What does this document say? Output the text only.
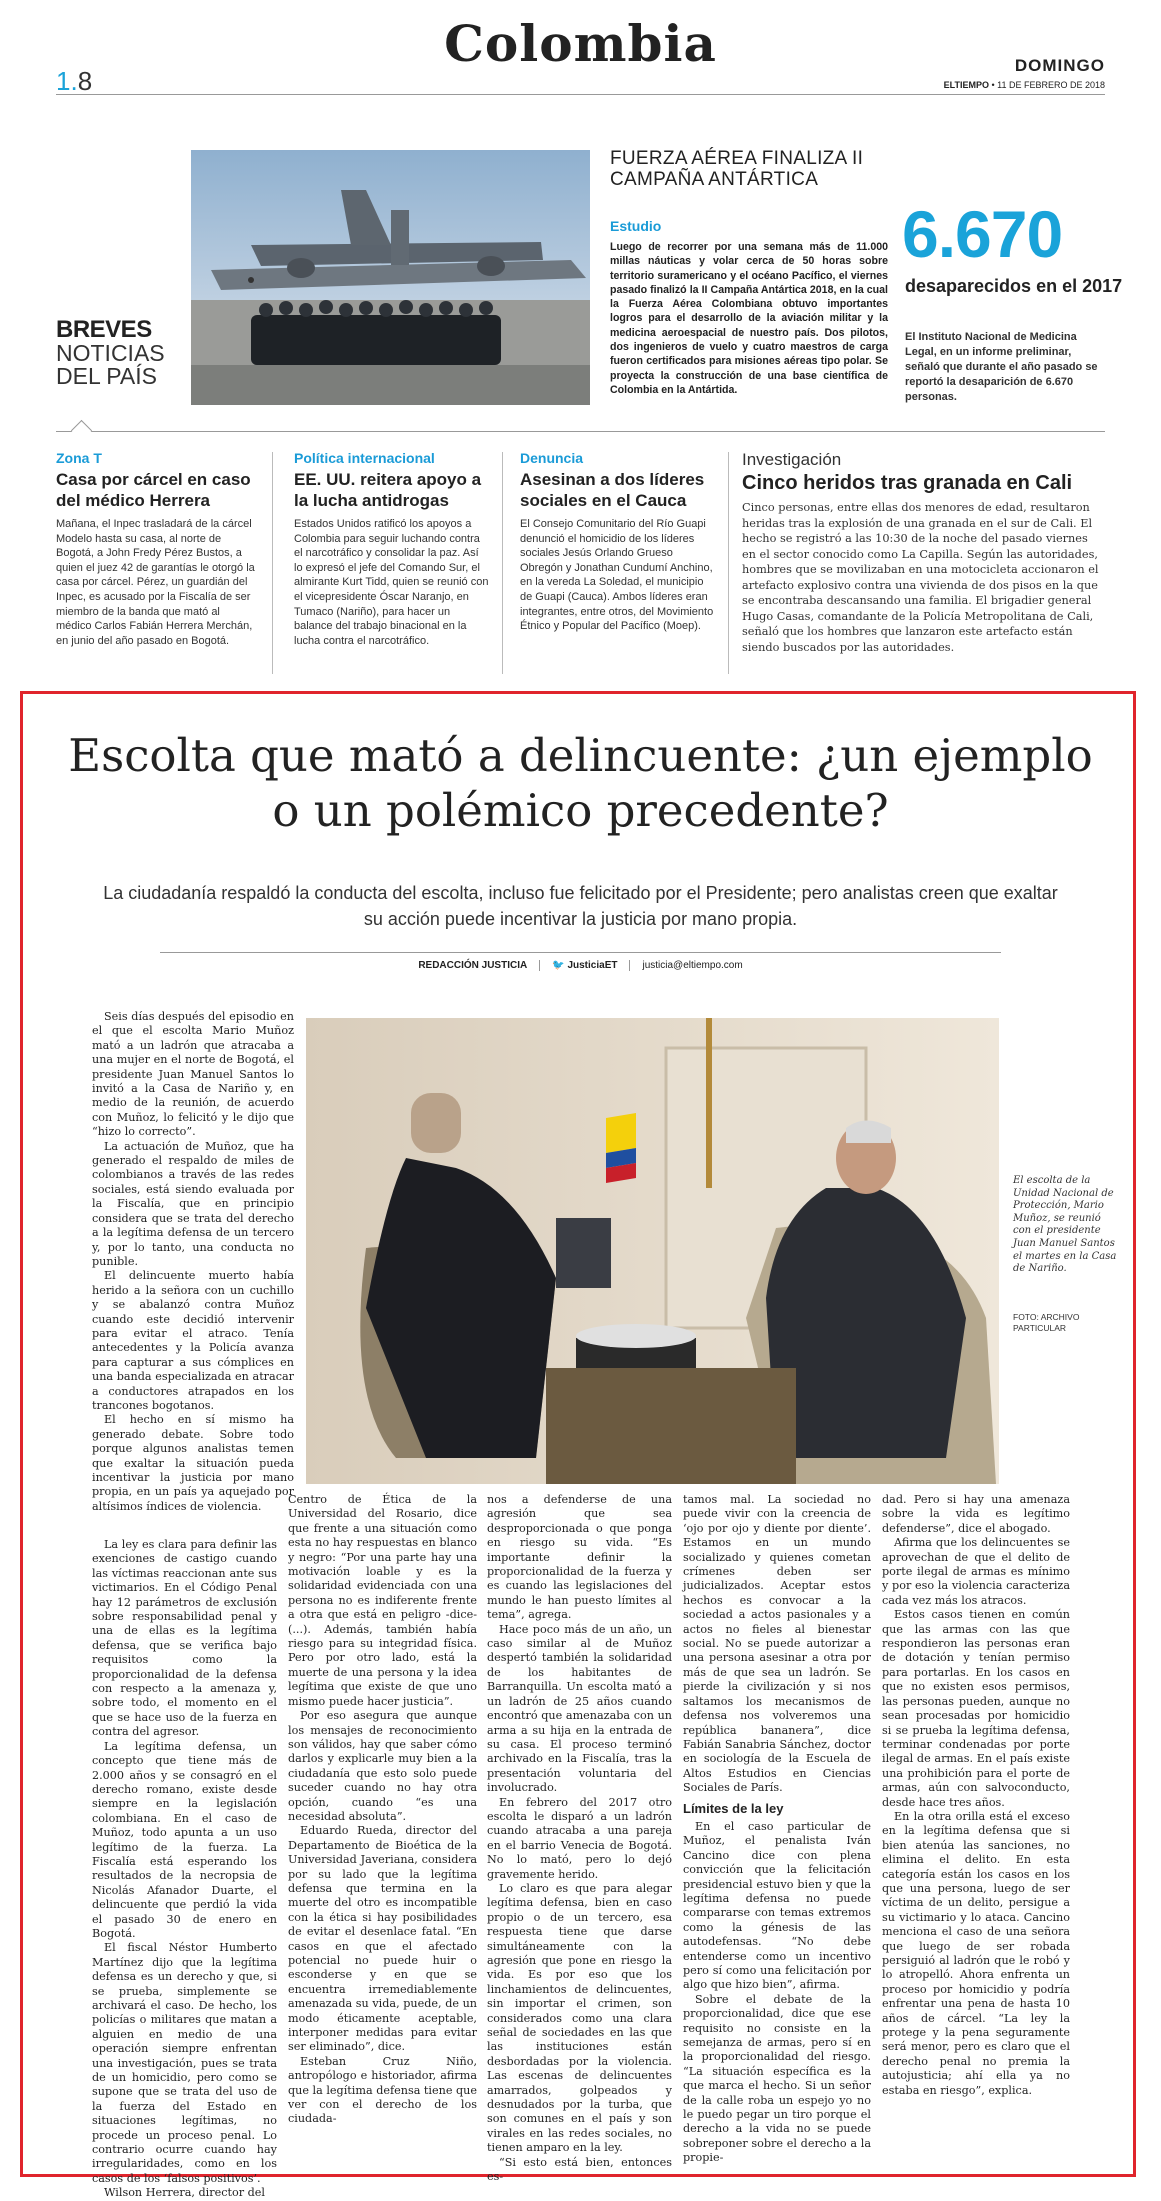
1.8
Colombia	DOMINGO
ELTIEMPO • 11 DE FEBRERO DE 2018
BREVES
NOTICIAS
DEL PAÍS
FUERZA AÉREA FINALIZA II CAMPAÑA ANTÁRTICA
Estudio
Luego de recorrer por una semana más de 11.000 millas náuticas y volar cerca de 50 horas sobre territorio suramericano y el océano Pacífico, el viernes pasado finalizó la II Campaña Antártica 2018, en la cual la Fuerza Aérea Colombiana obtuvo importantes logros para el desarrollo de la aviación militar y la medicina aeroespacial de nuestro país. Dos pilotos, dos ingenieros de vuelo y cuatro maestros de carga fueron certificados para misiones aéreas tipo polar. Se proyecta la construcción de una base científica de Colombia en la Antártida.
6.670
desaparecidos en el 2017
El Instituto Nacional de Medicina Legal, en un informe preliminar, señaló que durante el año pasado se reportó la desaparición de 6.670 personas.
Zona T
Casa por cárcel en caso del médico Herrera
Mañana, el Inpec trasladará de la cárcel Modelo hasta su casa, al norte de Bogotá, a John Fredy Pérez Bustos, a quien el juez 42 de garantías le otorgó la casa por cárcel. Pérez, un guardián del Inpec, es acusado por la Fiscalía de ser miembro de la banda que mató al médico Carlos Fabián Herrera Merchán, en junio del año pasado en Bogotá.
Política internacional
EE. UU. reitera apoyo a la lucha antidrogas
Estados Unidos ratificó los apoyos a Colombia para seguir luchando contra el narcotráfico y consolidar la paz. Así lo expresó el jefe del Comando Sur, el almirante Kurt Tidd, quien se reunió con el vicepresidente Óscar Naranjo, en Tumaco (Nariño), para hacer un balance del trabajo binacional en la lucha contra el narcotráfico.
Denuncia
Asesinan a dos líderes sociales en el Cauca
El Consejo Comunitario del Río Guapi denunció el homicidio de los líderes sociales Jesús Orlando Grueso Obregón y Jonathan Cundumí Anchino, en la vereda La Soledad, el municipio de Guapi (Cauca). Ambos líderes eran integrantes, entre otros, del Movimiento Étnico y Popular del Pacífico (Moep).
Investigación
Cinco heridos tras granada en Cali
Cinco personas, entre ellas dos menores de edad, resultaron heridas tras la explosión de una granada en el sur de Cali. El hecho se registró a las 10:30 de la noche del pasado viernes en el sector conocido como La Capilla. Según las autoridades, hombres que se movilizaban en una motocicleta accionaron el artefacto explosivo contra una vivienda de dos pisos en la que se encontraba descansando una familia. El brigadier general Hugo Casas, comandante de la Policía Metropolitana de Cali, señaló que los hombres que lanzaron este artefacto están siendo buscados por las autoridades.
Escolta que mató a delincuente: ¿un ejemplo o un polémico precedente?
La ciudadanía respaldó la conducta del escolta, incluso fue felicitado por el Presidente; pero analistas creen que exaltar su acción puede incentivar la justicia por mano propia.
REDACCIÓN JUSTICIA	🐦 JusticiaET	justicia@eltiempo.com
El escolta de la Unidad Nacional de Protección, Mario Muñoz, se reunió con el presidente Juan Manuel Santos el martes en la Casa de Nariño.
FOTO: ARCHIVO PARTICULAR

Seis días después del episodio en el que el escolta Mario Muñoz mató a un ladrón que atracaba a una mujer en el norte de Bogotá, el presidente Juan Manuel Santos lo invitó a la Casa de Nariño y, en medio de la reunión, de acuerdo con Muñoz, lo felicitó y le dijo que “hizo lo correcto”.

La actuación de Muñoz, que ha generado el respaldo de miles de colombianos a través de las redes sociales, está siendo evaluada por la Fiscalía, que en principio considera que se trata del derecho a la legítima defensa de un tercero y, por lo tanto, una conducta no punible.

El delincuente muerto había herido a la señora con un cuchillo y se abalanzó contra Muñoz cuando este decidió intervenir para evitar el atraco. Tenía antecedentes y la Policía avanza para capturar a sus cómplices en una banda especializada en atracar a conductores atrapados en los trancones bogotanos.

El hecho en sí mismo ha generado debate. Sobre todo porque algunos analistas temen que exaltar la situación pueda incentivar la justicia por mano propia, en un país ya aquejado por altísimos índices de violencia.

La ley es clara para definir las exenciones de castigo cuando las víctimas reaccionan ante sus victimarios. En el Código Penal hay 12 parámetros de exclusión sobre responsabilidad penal y una de ellas es la legítima defensa, que se verifica bajo requisitos como la proporcionalidad de la defensa con respecto a la amenaza y, sobre todo, el momento en el que se hace uso de la fuerza en contra del agresor.

La legítima defensa, un concepto que tiene más de 2.000 años y se consagró en el derecho romano, existe desde siempre en la legislación colombiana. En el caso de Muñoz, todo apunta a un uso legítimo de la fuerza. La Fiscalía está esperando los resultados de la necropsia de Nicolás Afanador Duarte, el delincuente que perdió la vida el pasado 30 de enero en Bogotá.

El fiscal Néstor Humberto Martínez dijo que la legítima defensa es un derecho y que, si se prueba, simplemente se archivará el caso. De hecho, los policías o militares que matan a alguien en medio de una operación siempre enfrentan una investigación, pues se trata de un homicidio, pero como se supone que se trata del uso de la fuerza del Estado en situaciones legítimas, no procede un proceso penal. Lo contrario ocurre cuando hay irregularidades, como en los casos de los ‘falsos positivos’.

Wilson Herrera, director del

Centro de Ética de la Universidad del Rosario, dice que frente a una situación como esta no hay respuestas en blanco y negro: “Por una parte hay una motivación loable y es la solidaridad evidenciada con una persona no es indiferente frente a otra que está en peligro -dice- (...). Además, también había riesgo para su integridad física. Pero por otro lado, está la muerte de una persona y la idea legítima que existe de que uno mismo puede hacer justicia”.

Por eso asegura que aunque los mensajes de reconocimiento son válidos, hay que saber cómo darlos y explicarle muy bien a la ciudadanía que esto solo puede suceder cuando no hay otra opción, cuando “es una necesidad absoluta”.

Eduardo Rueda, director del Departamento de Bioética de la Universidad Javeriana, considera por su lado que la legítima defensa que termina en la muerte del otro es incompatible con la ética si hay posibilidades de evitar el desenlace fatal. “En casos en que el afectado potencial no puede huir o esconderse y en que se encuentra irremediablemente amenazada su vida, puede, de un modo éticamente aceptable, interponer medidas para evitar ser eliminado”, dice.

Esteban Cruz Niño, antropólogo e historiador, afirma que la legítima defensa tiene que ver con el derecho de los ciudada-

nos a defenderse de una agresión que sea desproporcionada o que ponga en riesgo su vida. “Es importante definir la proporcionalidad de la fuerza y es cuando las legislaciones del mundo le han puesto límites al tema”, agrega.

Hace poco más de un año, un caso similar al de Muñoz despertó también la solidaridad de los habitantes de Barranquilla. Un escolta mató a un ladrón de 25 años cuando encontró que amenazaba con un arma a su hija en la entrada de su casa. El proceso terminó archivado en la Fiscalía, tras la presentación voluntaria del involucrado.

En febrero del 2017 otro escolta le disparó a un ladrón cuando atracaba a una pareja en el barrio Venecia de Bogotá. No lo mató, pero lo dejó gravemente herido.

Lo claro es que para alegar legítima defensa, bien en caso propio o de un tercero, esa respuesta tiene que darse simultáneamente con la agresión que pone en riesgo la vida. Es por eso que los linchamientos de delincuentes, sin importar el crimen, son considerados como una clara señal de sociedades en las que las instituciones están desbordadas por la violencia. Las escenas de delincuentes amarrados, golpeados y desnudados por la turba, que son comunes en el país y son virales en las redes sociales, no tienen amparo en la ley.

“Si esto está bien, entonces es-

tamos mal. La sociedad no puede vivir con la creencia de ‘ojo por ojo y diente por diente’. Estamos en un mundo socializado y quienes cometan crímenes deben ser judicializados. Aceptar estos hechos es convocar a la sociedad a actos pasionales y a actos no fieles al bienestar social. No se puede autorizar a una persona asesinar a otra por más de que sea un ladrón. Se pierde la civilización y si nos saltamos los mecanismos de defensa nos volveremos una república bananera”, dice Fabián Sanabria Sánchez, doctor en sociología de la Escuela de Altos Estudios en Ciencias Sociales de París.

Límites de la ley

En el caso particular de Muñoz, el penalista Iván Cancino dice con plena convicción que la felicitación presidencial estuvo bien y que la legítima defensa no puede compararse con temas extremos como la génesis de las autodefensas. “No debe entenderse como un incentivo pero sí como una felicitación por algo que hizo bien”, afirma.

Sobre el debate de la proporcionalidad, dice que ese requisito no consiste en la semejanza de armas, pero sí en la proporcionalidad del riesgo. “La situación específica es la que marca el hecho. Si un señor de la calle roba un espejo yo no le puedo pegar un tiro porque el derecho a la vida no se puede sobreponer sobre el derecho a la propie-

dad. Pero si hay una amenaza sobre la vida es legítimo defenderse”, dice el abogado.

Afirma que los delincuentes se aprovechan de que el delito de porte ilegal de armas es mínimo y por eso la violencia caracteriza cada vez más los atracos.

Estos casos tienen en común que las armas con las que respondieron las personas eran de dotación y tenían permiso para portarlas. En los casos en que no existen esos permisos, las personas pueden, aunque no sean procesadas por homicidio si se prueba la legítima defensa, terminar condenadas por porte ilegal de armas. En el país existe una prohibición para el porte de armas, aún con salvoconducto, desde hace tres años.

En la otra orilla está el exceso en la legítima defensa que si bien atenúa las sanciones, no elimina el delito. En esta categoría están los casos en los que una persona, luego de ser víctima de un delito, persigue a su victimario y lo ataca. Cancino menciona el caso de una señora que luego de ser robada persiguió al ladrón que le robó y lo atropelló. Ahora enfrenta un proceso por homicidio y podría enfrentar una pena de hasta 10 años de cárcel. “La ley la protege y la pena seguramente será menor, pero es claro que el derecho penal no premia la autojusticia; ahí ella ya no estaba en riesgo”, explica.
